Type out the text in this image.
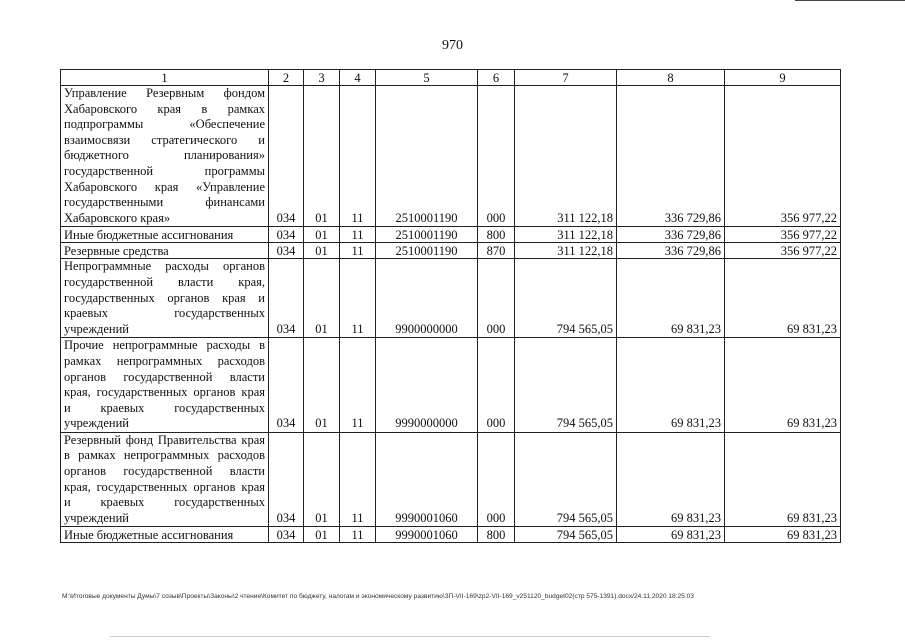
970
1	2	3	4	5	6	7	8	9
Управление Резервным фондом Хабаровского края в рамках подпрограммы «Обеспечение взаимосвязи стратегического и бюджетного планирования» государственной программы Хабаровского края «Управление государственными финансами Хабаровского края»	034	01	11	2510001190	000	311 122,18	336 729,86	356 977,22
Иные бюджетные ассигнования	034	01	11	2510001190	800	311 122,18	336 729,86	356 977,22
Резервные средства	034	01	11	2510001190	870	311 122,18	336 729,86	356 977,22
Непрограммные расходы органов государственной власти края, государственных органов края и краевых государственных учреждений	034	01	11	9900000000	000	794 565,05	69 831,23	69 831,23
Прочие непрограммные расходы в рамках непрограммных расходов органов государственной власти края, государственных органов края и краевых государственных учреждений	034	01	11	9990000000	000	794 565,05	69 831,23	69 831,23
Резервный фонд Правительства края в рамках непрограммных расходов органов государственной власти края, государственных органов края и краевых государственных учреждений	034	01	11	9990001060	000	794 565,05	69 831,23	69 831,23
Иные бюджетные ассигнования	034	01	11	9990001060	800	794 565,05	69 831,23	69 831,23
M:\Итоговые документы Думы\7 созыв\Проекты\Законы\2 чтение\Комитет по бюджету, налогам и экономическому развитию\ЗП-VII-169\zp2-VII-169_v251120_budget02(стр 575-1391).docx/24.11.2020 18:25:03
